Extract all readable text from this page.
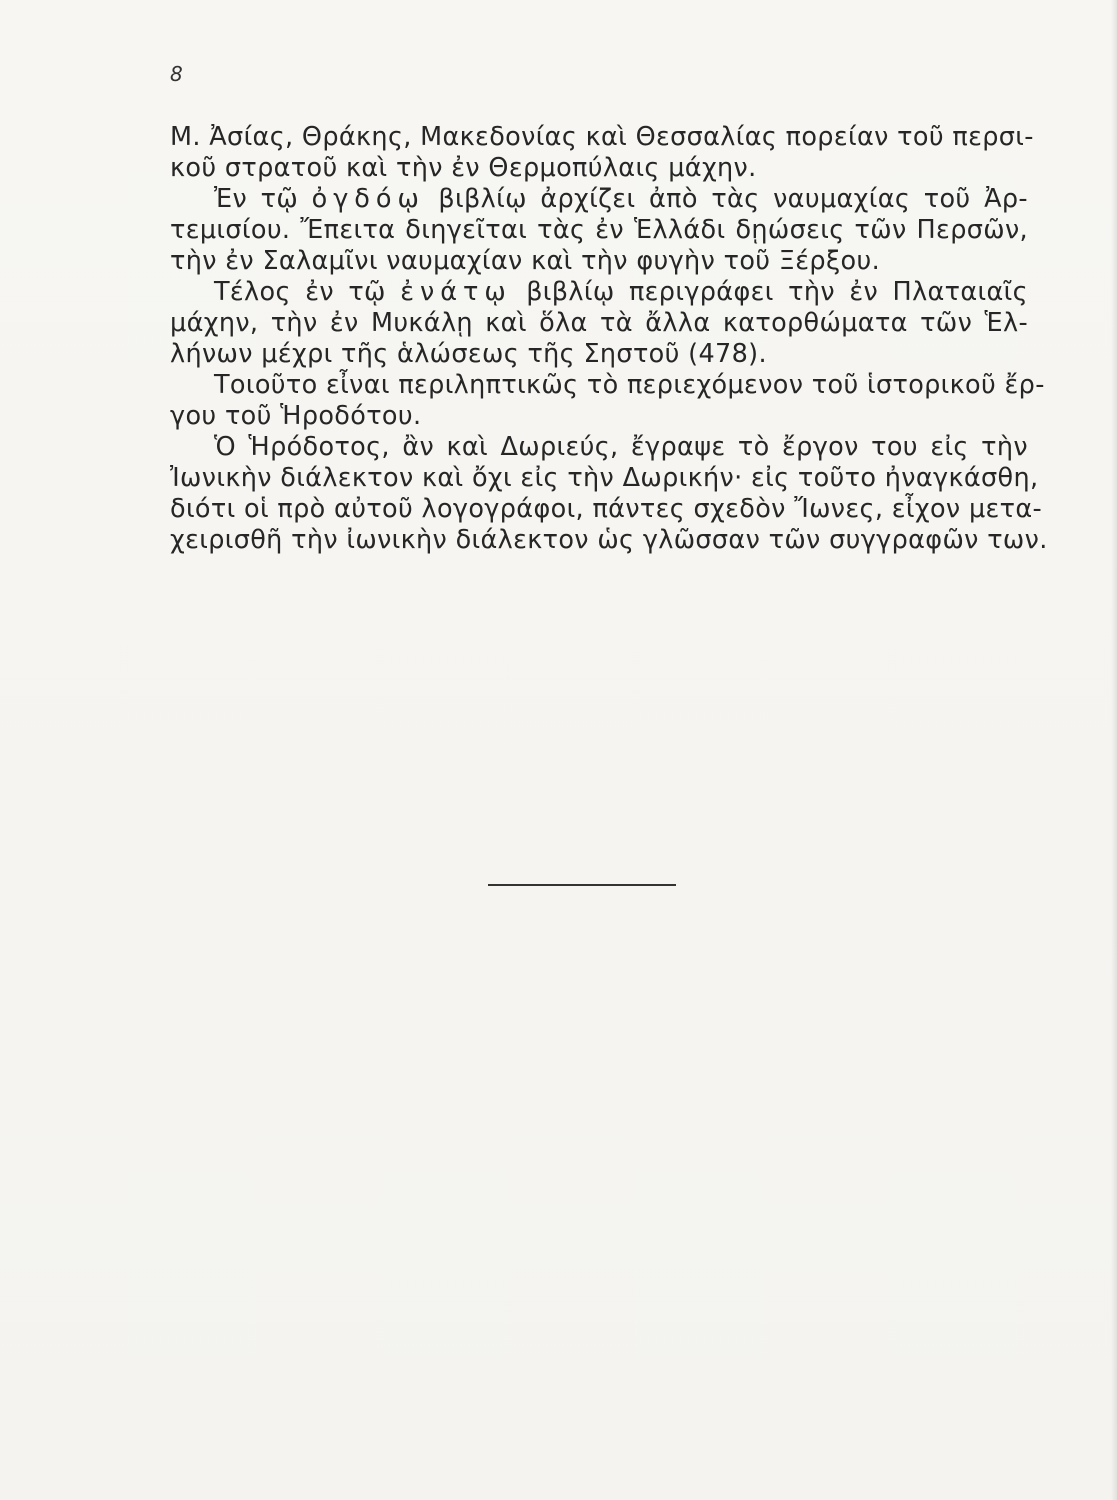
8
Μ. Ἀσίας, Θράκης, Μακεδονίας καὶ Θεσσαλίας πορείαν τοῦ περσι-
κοῦ στρατοῦ καὶ τὴν ἐν Θερμοπύλαις μάχην.
Ἐν τῷ ὀγδόῳ βιβλίῳ ἀρχίζει ἀπὸ τὰς ναυμαχίας τοῦ Ἀρ-
τεμισίου. Ἔπειτα διηγεῖται τὰς ἐν Ἑλλάδι δῃώσεις τῶν Περσῶν,
τὴν ἐν Σαλαμῖνι ναυμαχίαν καὶ τὴν φυγὴν τοῦ Ξέρξου.
Τέλος ἐν τῷ ἐνάτῳ βιβλίῳ περιγράφει τὴν ἐν Πλαταιαῖς
μάχην, τὴν ἐν Μυκάλῃ καὶ ὅλα τὰ ἄλλα κατορθώματα τῶν Ἑλ-
λήνων μέχρι τῆς ἁλώσεως τῆς Σηστοῦ (478).
Τοιοῦτο εἶναι περιληπτικῶς τὸ περιεχόμενον τοῦ ἱστορικοῦ ἔρ-
γου τοῦ Ἡροδότου.
Ὁ Ἡρόδοτος, ἂν καὶ Δωριεύς, ἔγραψε τὸ ἔργον του εἰς τὴν
Ἰωνικὴν διάλεκτον καὶ ὄχι εἰς τὴν Δωρικήν· εἰς τοῦτο ἠναγκάσθη,
διότι οἱ πρὸ αὐτοῦ λογογράφοι, πάντες σχεδὸν Ἴωνες, εἶχον μετα-
χειρισθῆ τὴν ἰωνικὴν διάλεκτον ὡς γλῶσσαν τῶν συγγραφῶν των.
